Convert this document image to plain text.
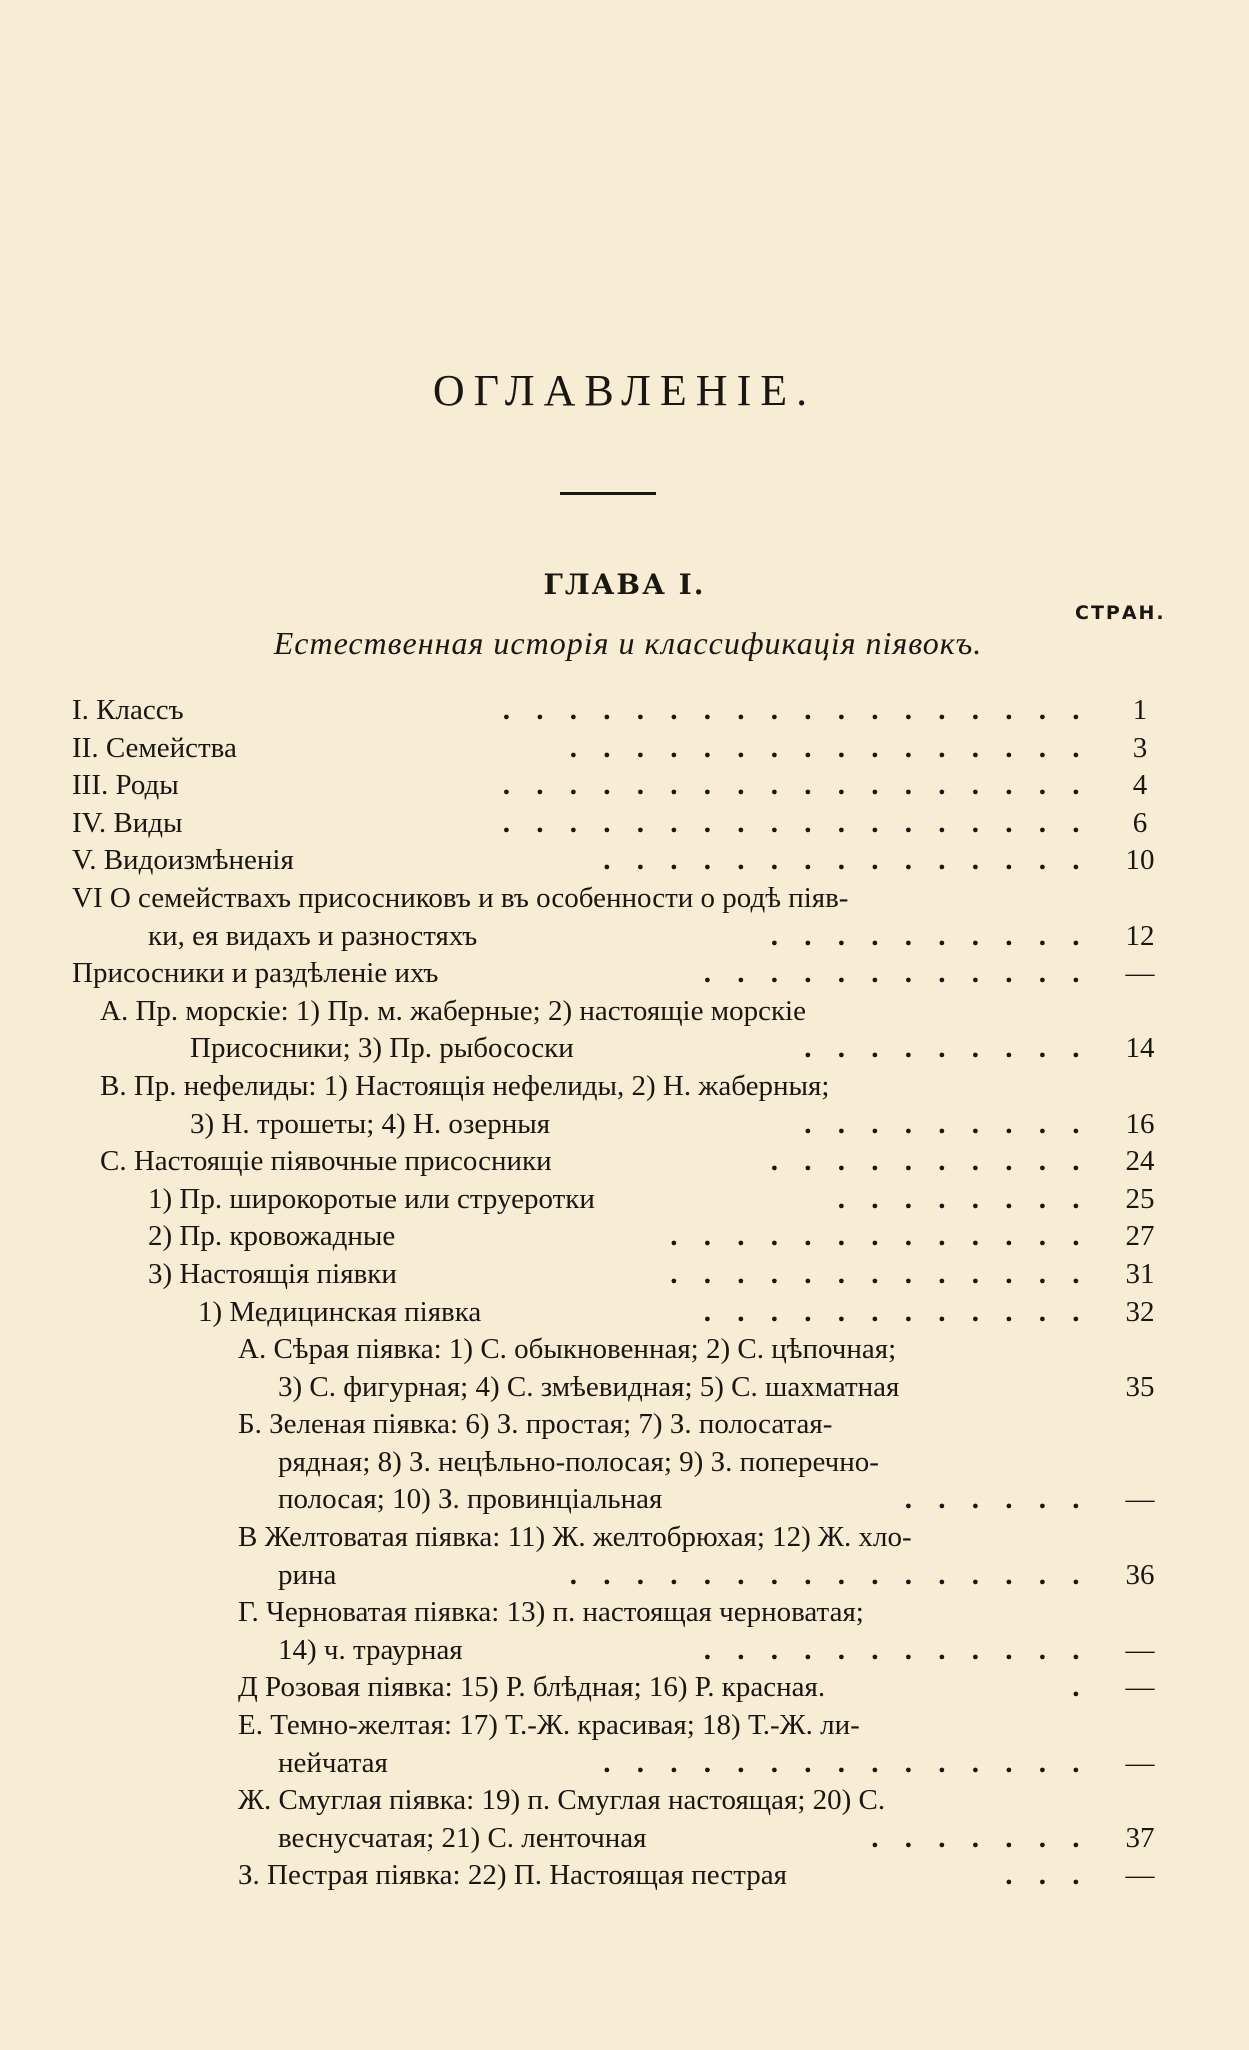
ОГЛАВЛЕНІЕ.
ГЛАВА I.
СТРАН.
Естественная исторія и классификація піявокъ.
I. Классъ	. . . . . . . . . . . . . . . . . .	1
II. Семейства	. . . . . . . . . . . . . . . .	3
III. Роды	. . . . . . . . . . . . . . . . . .	4
IV. Виды	. . . . . . . . . . . . . . . . . .	6
V. Видоизмѣненія	. . . . . . . . . . . . . . .	10
VI О семействахъ присосниковъ и въ особенности о родѣ піяв-
ки, ея видахъ и разностяхъ	. . . . . . . . . .	12
Присосники и раздѣленіе ихъ	. . . . . . . . . . . .	—
А. Пр. морскіе: 1) Пр. м. жаберные; 2) настоящіе морскіе
Присосники; 3) Пр. рыбососки	. . . . . . . . .	14
В. Пр. нефелиды: 1) Настоящія нефелиды, 2) Н. жаберныя;
3) Н. трошеты; 4) Н. озерныя	. . . . . . . . .	16
С. Настоящіе піявочные присосники	. . . . . . . . . .	24
1) Пр. широкоротые или струеротки	. . . . . . . .	25
2) Пр. кровожадные	. . . . . . . . . . . . .	27
3) Настоящія піявки	. . . . . . . . . . . . .	31
1) Медицинская піявка	. . . . . . . . . . . .	32
А. Сѣрая піявка: 1) С. обыкновенная; 2) С. цѣпочная;
3) С. фигурная; 4) С. змѣевидная; 5) С. шахматная	35
Б. Зеленая піявка: 6) З. простая; 7) З. полосатая-
рядная; 8) З. нецѣльно-полосая; 9) З. поперечно-
полосая; 10) З. провинціальная	. . . . . .	—
В Желтоватая піявка: 11) Ж. желтобрюхая; 12) Ж. хло-
рина	. . . . . . . . . . . . . . . .	36
Г. Черноватая піявка: 13) п. настоящая черноватая;
14) ч. траурная	. . . . . . . . . . . .	—
Д Розовая піявка: 15) Р. блѣдная; 16) Р. красная.	.	—
Е. Темно-желтая: 17) Т.-Ж. красивая; 18) Т.-Ж. ли-
нейчатая	. . . . . . . . . . . . . . .	—
Ж. Смуглая піявка: 19) п. Смуглая настоящая; 20) С.
веснусчатая; 21) С. ленточная	. . . . . . .	37
З. Пестрая піявка: 22) П. Настоящая пестрая	. . .	—
